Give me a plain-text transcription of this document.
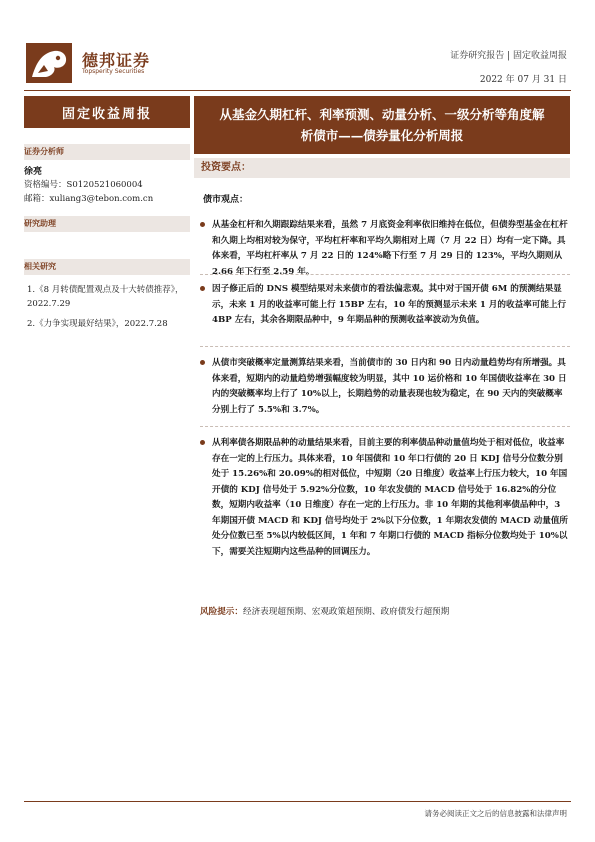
德邦证券
Topsperity Securities
证券研究报告 | 固定收益周报
2022 年 07 月 31 日
固定收益周报
证券分析师
徐亮
资格编号：S0120521060004
邮箱：xuliang3@tebon.com.cn
研究助理
相关研究
1.《8 月转债配置观点及十大转债推荐》，2022.7.29
2.《力争实现最好结果》，2022.7.28
从基金久期杠杆、利率预测、动量分析、一级分析等角度解
析债市——债券量化分析周报
投资要点：
债市观点：
从基金杠杆和久期跟踪结果来看，虽然 7 月底资金利率依旧维持在低位，但债券型基金在杠杆和久期上均相对较为保守，平均杠杆率和平均久期相对上周（7 月 22 日）均有一定下降。具体来看，平均杠杆率从 7 月 22 日的 124%略下行至 7 月 29 日的 123%，平均久期则从 2.66 年下行至 2.59 年。
因子修正后的 DNS 模型结果对未来债市的看法偏悲观。其中对于国开债 6M 的预测结果显示，未来 1 月的收益率可能上行 15BP 左右，10 年的预测显示未来 1 月的收益率可能上行 4BP 左右，其余各期限品种中，9 年期品种的预测收益率波动为负值。
从债市突破概率定量测算结果来看，当前债市的 30 日内和 90 日内动量趋势均有所增强。具体来看，短期内的动量趋势增强幅度较为明显，其中 10 运价格和 10 年国债收益率在 30 日内的突破概率均上行了 10%以上，长期趋势的动量表现也较为稳定，在 90 天内的突破概率分别上行了 5.5%和 3.7%。
从利率债各期限品种的动量结果来看，目前主要的利率债品种动量值均处于相对低位，收益率存在一定的上行压力。具体来看，10 年国债和 10 年口行债的 20 日 KDJ 信号分位数分别处于 15.26%和 20.09%的相对低位，中短期（20 日维度）收益率上行压力较大，10 年国开债的 KDJ 信号处于 5.92%分位数，10 年农发债的 MACD 信号处于 16.82%的分位数，短期内收益率（10 日维度）存在一定的上行压力。非 10 年期的其他利率债品种中，3 年期国开债 MACD 和 KDJ 信号均处于 2%以下分位数，1 年期农发债的 MACD 动量值所处分位数已至 5%以内较低区间，1 年和 7 年期口行债的 MACD 指标分位数均处于 10%以下，需要关注短期内这些品种的回调压力。
风险提示：经济表现超预期、宏观政策超预期、政府债发行超预期
请务必阅读正文之后的信息披露和法律声明
